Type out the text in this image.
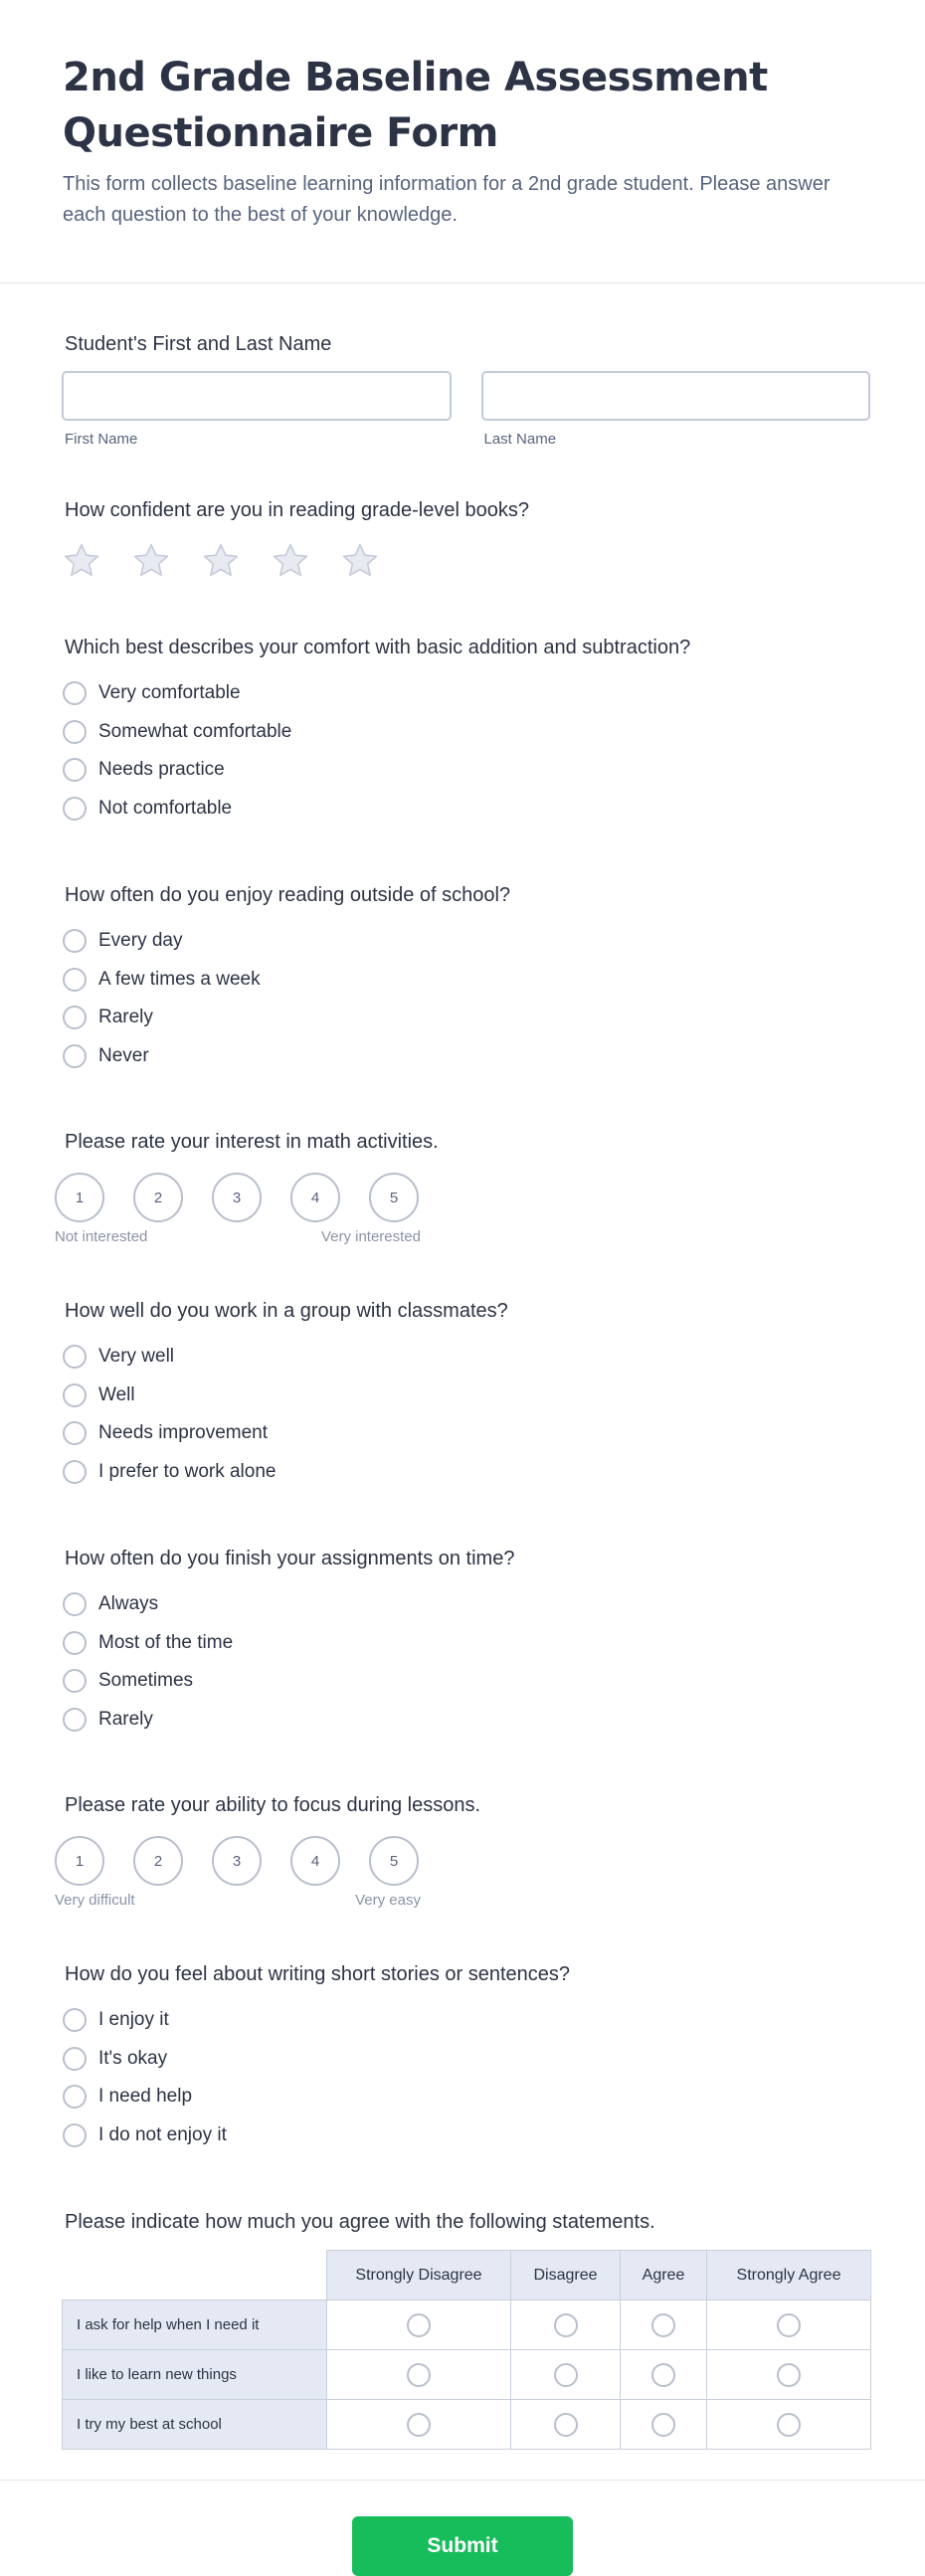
2nd Grade Baseline Assessment Questionnaire Form

This form collects baseline learning information for a 2nd grade student. Please answer each question to the best of your knowledge.

Student's First and Last Name
First Name	Last Name
How confident are you in reading grade-level books?
Which best describes your comfort with basic addition and subtraction?
Very comfortable
Somewhat comfortable
Needs practice
Not comfortable
How often do you enjoy reading outside of school?
Every day
A few times a week
Rarely
Never
Please rate your interest in math activities.
1	2	3	4	5
Not interested	Very interested
How well do you work in a group with classmates?
Very well
Well
Needs improvement
I prefer to work alone
How often do you finish your assignments on time?
Always
Most of the time
Sometimes
Rarely
Please rate your ability to focus during lessons.
1	2	3	4	5
Very difficult	Very easy
How do you feel about writing short stories or sentences?
I enjoy it
It's okay
I need help
I do not enjoy it
Please indicate how much you agree with the following statements.
	Strongly Disagree	Disagree	Agree	Strongly Agree
I ask for help when I need it				
I like to learn new things				
I try my best at school				
Submit
